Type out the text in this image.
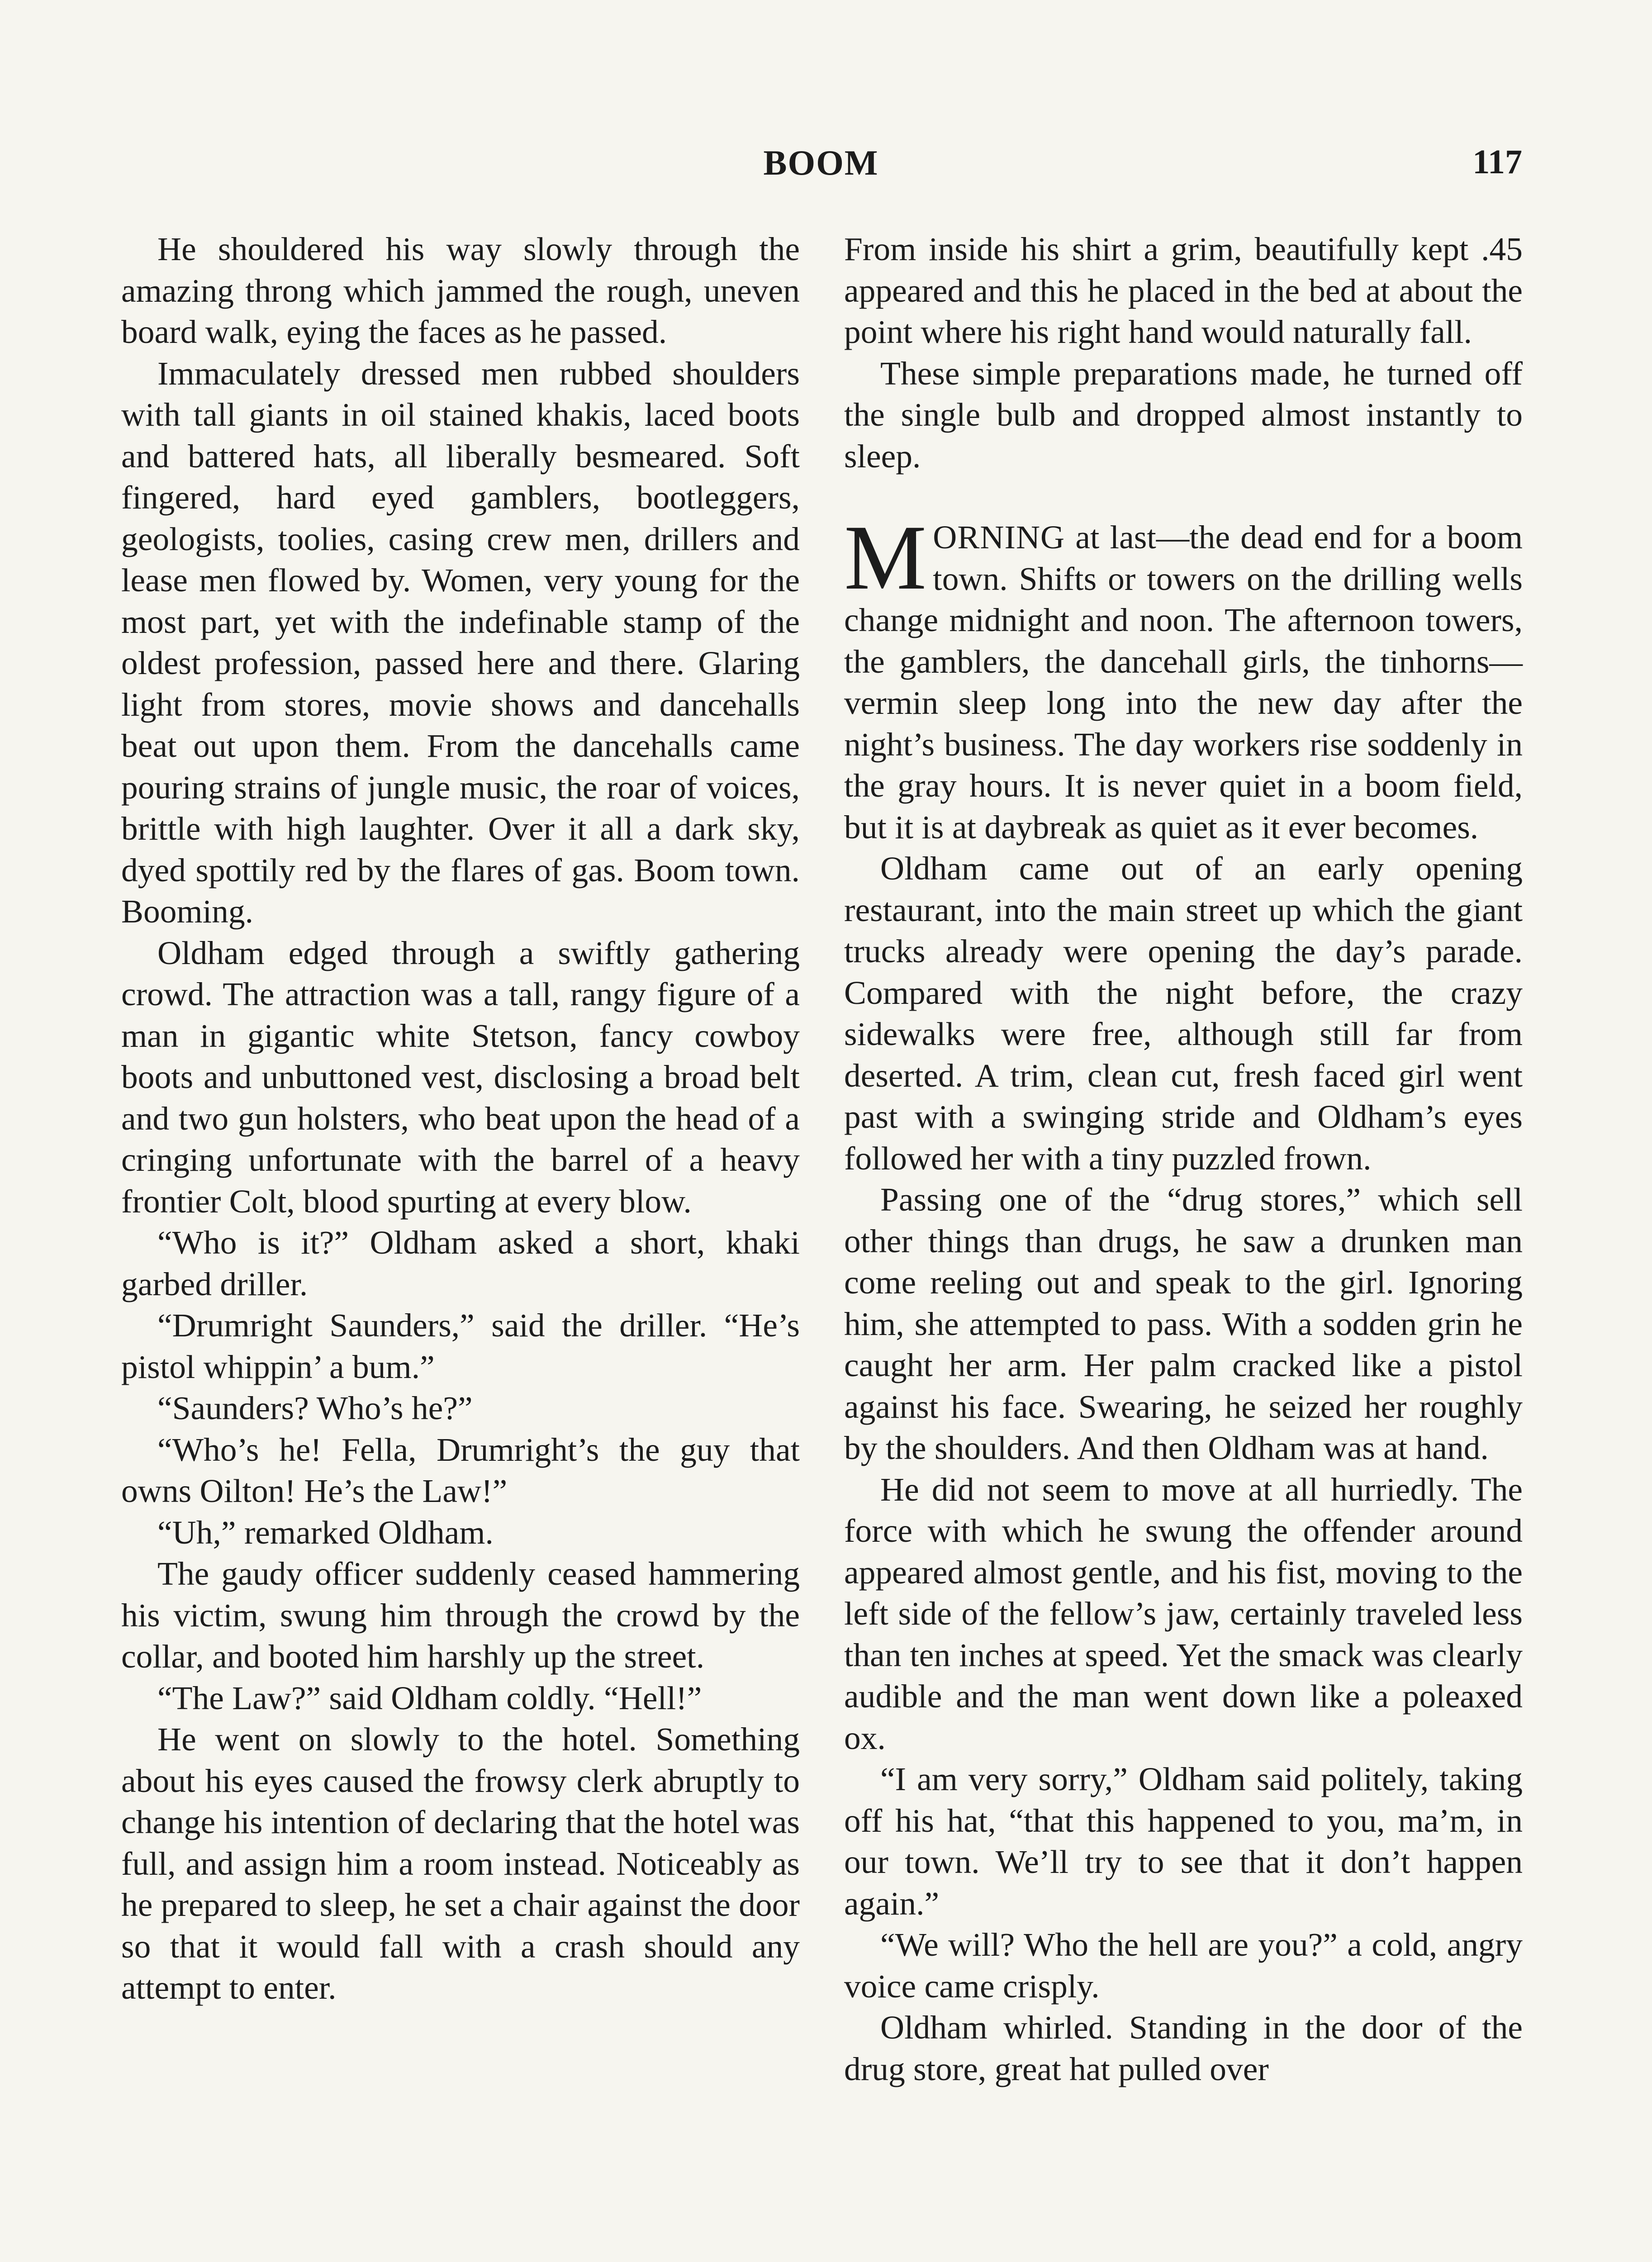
BOOM	117

He shouldered his way slowly through the amazing throng which jammed the rough, uneven board walk, eying the faces as he passed.

Immaculately dressed men rubbed shoulders with tall giants in oil stained khakis, laced boots and battered hats, all liberally besmeared. Soft fingered, hard eyed gamblers, bootleggers, geologists, toolies, casing crew men, drillers and lease men flowed by. Women, very young for the most part, yet with the indefinable stamp of the oldest profession, passed here and there. Glaring light from stores, movie shows and dancehalls beat out upon them. From the dancehalls came pouring strains of jungle music, the roar of voices, brittle with high laughter. Over it all a dark sky, dyed spottily red by the flares of gas. Boom town. Booming.

Oldham edged through a swiftly gathering crowd. The attraction was a tall, rangy figure of a man in gigantic white Stetson, fancy cowboy boots and unbuttoned vest, disclosing a broad belt and two gun holsters, who beat upon the head of a cringing unfortunate with the barrel of a heavy frontier Colt, blood spurting at every blow.

“Who is it?” Oldham asked a short, khaki garbed driller.

“Drumright Saunders,” said the driller. “He’s pistol whippin’ a bum.”

“Saunders? Who’s he?”

“Who’s he! Fella, Drumright’s the guy that owns Oilton! He’s the Law!”

“Uh,” remarked Oldham.

The gaudy officer suddenly ceased hammering his victim, swung him through the crowd by the collar, and booted him harshly up the street.

“The Law?” said Oldham coldly. “Hell!”

He went on slowly to the hotel. Something about his eyes caused the frowsy clerk abruptly to change his intention of declaring that the hotel was full, and assign him a room instead. Noticeably as he prepared to sleep, he set a chair against the door so that it would fall with a crash should any attempt to enter.

From inside his shirt a grim, beautifully kept .45 appeared and this he placed in the bed at about the point where his right hand would naturally fall.

These simple preparations made, he turned off the single bulb and dropped almost instantly to sleep.

MORNING at last—the dead end for a boom town. Shifts or towers on the drilling wells change midnight and noon. The afternoon towers, the gamblers, the dancehall girls, the tinhorns—vermin sleep long into the new day after the night’s business. The day workers rise soddenly in the gray hours. It is never quiet in a boom field, but it is at daybreak as quiet as it ever becomes.

Oldham came out of an early opening restaurant, into the main street up which the giant trucks already were opening the day’s parade. Compared with the night before, the crazy sidewalks were free, although still far from deserted. A trim, clean cut, fresh faced girl went past with a swinging stride and Oldham’s eyes followed her with a tiny puzzled frown.

Passing one of the “drug stores,” which sell other things than drugs, he saw a drunken man come reeling out and speak to the girl. Ignoring him, she attempted to pass. With a sodden grin he caught her arm. Her palm cracked like a pistol against his face. Swearing, he seized her roughly by the shoulders. And then Oldham was at hand.

He did not seem to move at all hurriedly. The force with which he swung the offender around appeared almost gentle, and his fist, moving to the left side of the fellow’s jaw, certainly traveled less than ten inches at speed. Yet the smack was clearly audible and the man went down like a poleaxed ox.

“I am very sorry,” Oldham said politely, taking off his hat, “that this happened to you, ma’m, in our town. We’ll try to see that it don’t happen again.”

“We will? Who the hell are you?” a cold, angry voice came crisply.

Oldham whirled. Standing in the door of the drug store, great hat pulled over
